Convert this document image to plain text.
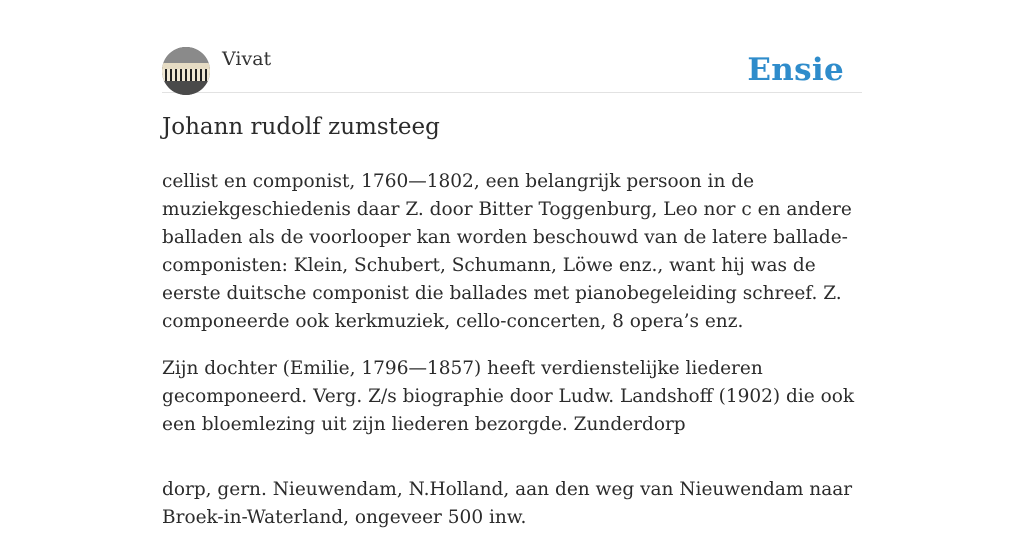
Vivat	Ensie
Johann rudolf zumsteeg

cellist en componist, 1760—1802, een belangrijk persoon in de muziekgeschiedenis daar Z. door Bitter Toggenburg, Leo nor c en andere balladen als de voorlooper kan worden beschouwd van de latere ballade-componisten: Klein, Schubert, Schumann, Löwe enz., want hij was de eerste duitsche componist die ballades met pianobegeleiding schreef. Z. componeerde ook kerkmuziek, cello-concerten, 8 opera’s enz.

Zijn dochter (Emilie, 1796—1857) heeft verdienstelijke liederen gecomponeerd. Verg. Z/s biographie door Ludw. Landshoff (1902) die ook een bloemlezing uit zijn liederen bezorgde. Zunderdorp

dorp, gern. Nieuwendam, N.Holland, aan den weg van Nieuwendam naar Broek-in-Waterland, ongeveer 500 inw.
